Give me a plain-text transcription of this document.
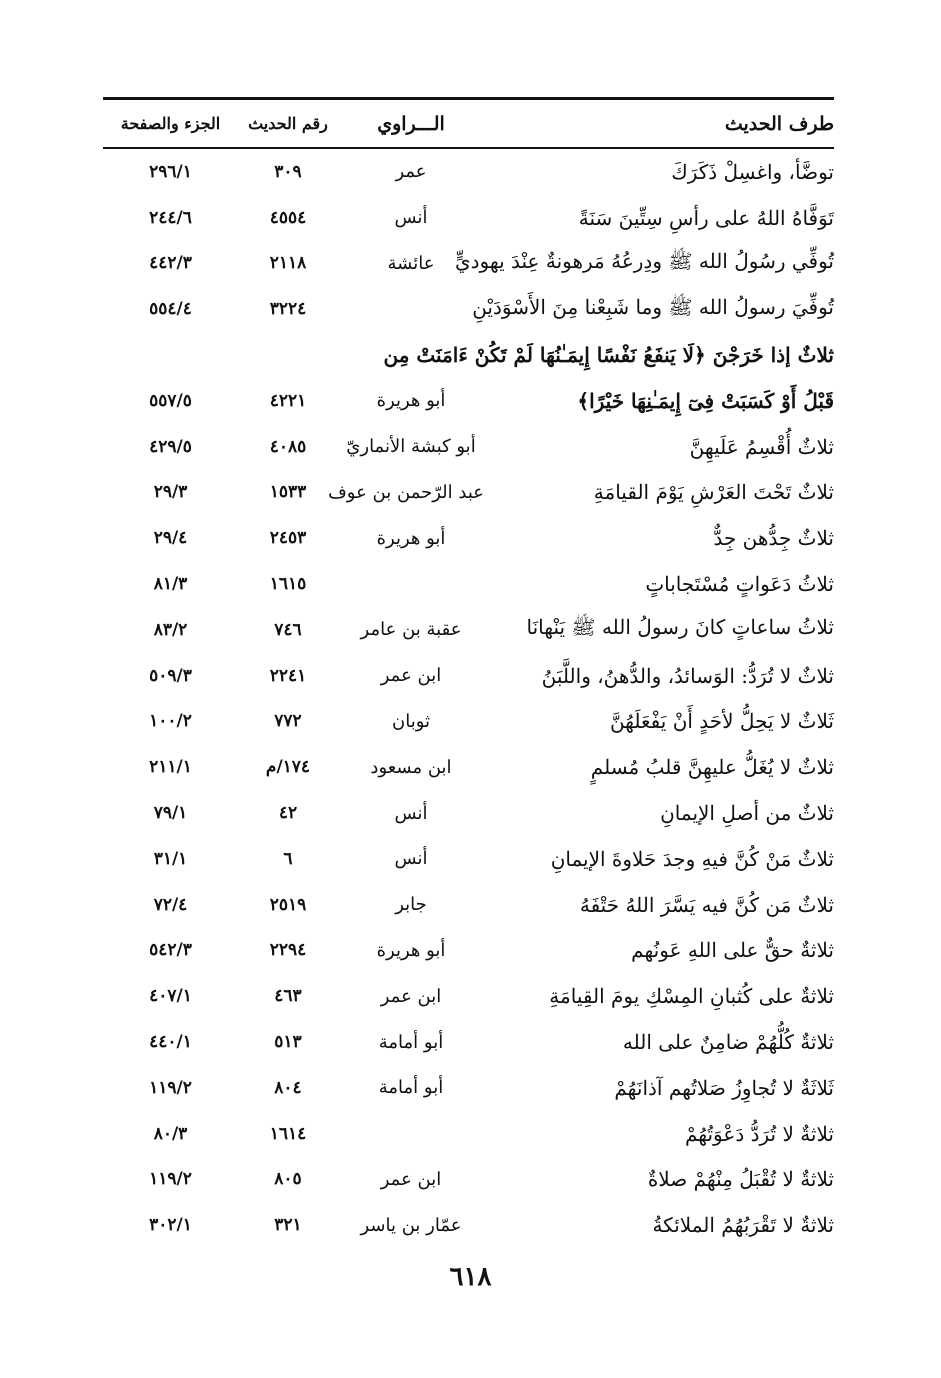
طرف الحديث
الـــراوي
رقم الحديث
الجزء والصفحة
توضَّأ، واغسِلْ ذَكَرَكَ
عمر
٣٠٩
٢٩٦/١
تَوَفَّاهُ اللهُ على رأسِ سِتِّينَ سَنَةً
أنس
٤٥٥٤
٢٤٤/٦
تُوفِّي رسُولُ الله ﷺ ودِرعُهُ مَرهونةٌ عِنْدَ يهوديٍّ
عائشة
٢١١٨
٤٤٢/٣
تُوفِّيَ رسولُ الله ﷺ وما شَبِعْنا مِنَ الأَسْوَدَيْنِ
٣٢٢٤
٥٥٤/٤
ثلاثٌ إذا خَرَجْنَ ﴿لَا يَنفَعُ نَفْسًا إِيمَـٰنُهَا لَمْ تَكُنْ ءَامَنَتْ مِن
قَبْلُ أَوْ كَسَبَتْ فِىٓ إِيمَـٰنِهَا خَيْرًا﴾
أبو هريرة
٤٢٢١
٥٥٧/٥
ثلاثٌ أُقْسِمُ عَلَيهِنَّ
أبو كبشة الأنماريّ
٤٠٨٥
٤٢٩/٥
ثلاثٌ تَحْتَ العَرْشِ يَوْمَ القيامَةِ
عبد الرّحمن بن عوف
١٥٣٣
٢٩/٣
ثلاثٌ جِدُّهن جِدٌّ
أبو هريرة
٢٤٥٣
٢٩/٤
ثلاثُ دَعَواتٍ مُسْتَجاباتٍ
١٦١٥
٨١/٣
ثلاثُ ساعاتٍ كانَ رسولُ الله ﷺ يَنْهانَا
عقبة بن عامر
٧٤٦
٨٣/٢
ثلاثٌ لا تُرَدُّ: الوَسائدُ، والدُّهنُ، واللَّبَنُ
ابن عمر
٢٢٤١
٥٠٩/٣
ثَلاثٌ لا يَحِلُّ لأحَدٍ أَنْ يَفْعَلَهُنَّ
ثوبان
٧٧٢
١٠٠/٢
ثلاثٌ لا يُغَلُّ عليهِنَّ قلبُ مُسلمٍ
ابن مسعود
١٧٤/م
٢١١/١
ثلاثٌ من أصلِ الإيمانِ
أنس
٤٢
٧٩/١
ثلاثٌ مَنْ كُنَّ فيهِ وجدَ حَلاوةَ الإيمانِ
أنس
٦
٣١/١
ثلاثٌ مَن كُنَّ فيه يَسَّرَ اللهُ حَتْفَهُ
جابر
٢٥١٩
٧٢/٤
ثلاثةٌ حقٌّ على اللهِ عَونُهم
أبو هريرة
٢٢٩٤
٥٤٢/٣
ثلاثةٌ على كُثبانِ المِسْكِ يومَ القِيامَةِ
ابن عمر
٤٦٣
٤٠٧/١
ثلاثةٌ كُلُّهُمْ ضامِنٌ على الله
أبو أمامة
٥١٣
٤٤٠/١
ثَلاثَةٌ لا تُجاوِزُ صَلاتُهم آذانَهُمْ
أبو أمامة
٨٠٤
١١٩/٢
ثلاثةٌ لا تُرَدُّ دَعْوَتُهُمْ
١٦١٤
٨٠/٣
ثلاثةٌ لا تُقْبَلُ مِنْهُمْ صلاةٌ
ابن عمر
٨٠٥
١١٩/٢
ثلاثةٌ لا تَقْرَبُهُمُ الملائكةُ
عمّار بن ياسر
٣٢١
٣٠٢/١
٦١٨
